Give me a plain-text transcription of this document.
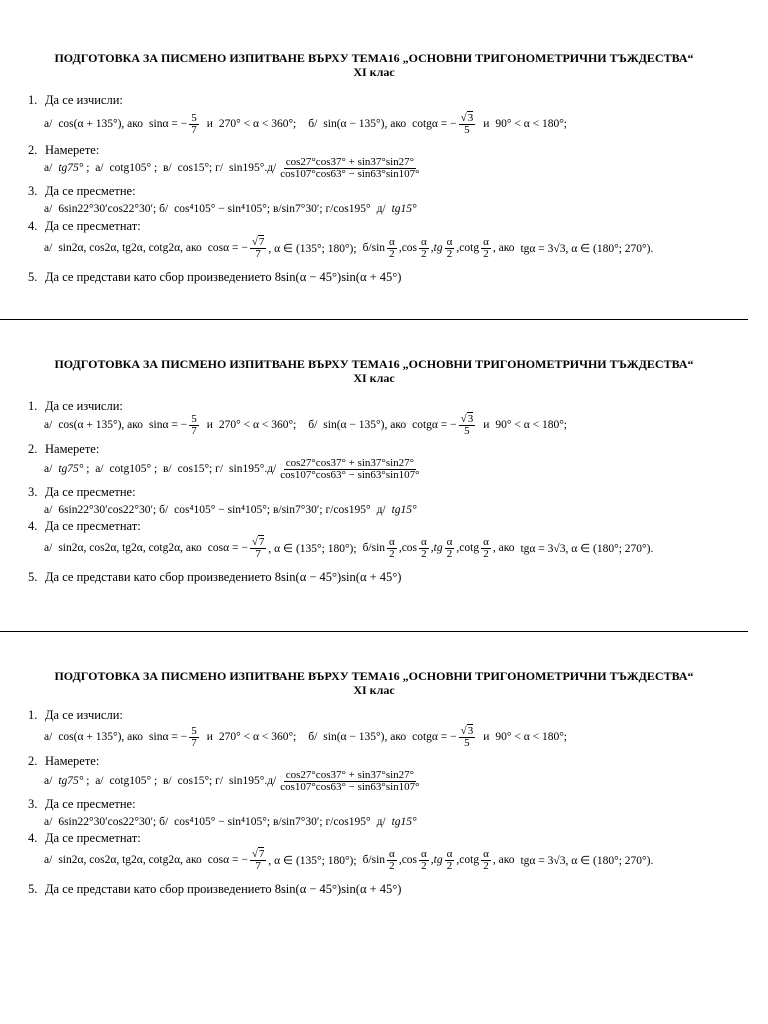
ПОДГОТОВКА ЗА ПИСМЕНО ИЗПИТВАНЕ ВЪРХУ ТЕМА16 „ОСНОВНИ ТРИГОНОМЕТРИЧНИ ТЪЖДЕСТВА“
XI клас
1. Да се изчисли:
а/ cos(α + 135°) , ако sinα = − $\frac{5}{7}$ и 270° < α < 360°; б/ sin(α − 135°) , ако cotgα = − $\frac{√3}{5}$ и 90° < α < 180°;
2. Намерете:
а/ tg75° ; а/ cotg105° ; в/ cos15° ; г/ sin195°. $д/ \frac{\cos 27^\circ\cos 37^\circ + \sin 37^\circ\sin 27^\circ}{\cos 107^\circ\cos 63^\circ - \sin 63^\circ\sin 107^\circ}$
3. Да се пресметне:
а/ 6sin22°30′cos22°30′ ; б/ cos⁴105° − sin⁴105° ; в/ sin7°30′ ; г/ cos195° д/ tg15°
4. Да се пресметнат:
а/ sin2α, cos2α, tg2α, cotg2α , ако cosα = − $\frac{√7}{7}$ , α ∈ (135°; 180°); б/ $\sin \frac{\alpha}{2}$ , $\cos \frac{\alpha}{2}$ , tg $\frac{\alpha}{2}$ , cotg $\frac{\alpha}{2}$ , ако tgα = 3√3, α ∈ (180°; 270°).
5. Да се представи като сбор произведението 8sin(α − 45°)sin(α + 45°)
ПОДГОТОВКА ЗА ПИСМЕНО ИЗПИТВАНЕ ВЪРХУ ТЕМА16 „ОСНОВНИ ТРИГОНОМЕТРИЧНИ ТЪЖДЕСТВА“
XI клас
1. Да се изчисли:
а/ cos(α + 135°) , ако sinα = − $\frac{5}{7}$ и 270° < α < 360°; б/ sin(α − 135°) , ако cotgα = − $\frac{√3}{5}$ и 90° < α < 180°;
2. Намерете:
а/ tg75° ; а/ cotg105° ; в/ cos15° ; г/ sin195°. $д/ \frac{\cos 27^\circ\cos 37^\circ + \sin 37^\circ\sin 27^\circ}{\cos 107^\circ\cos 63^\circ - \sin 63^\circ\sin 107^\circ}$
3. Да се пресметне:
а/ 6sin22°30′cos22°30′ ; б/ cos⁴105° − sin⁴105° ; в/ sin7°30′ ; г/ cos195° д/ tg15°
4. Да се пресметнат:
а/ sin2α, cos2α, tg2α, cotg2α , ако cosα = − $\frac{√7}{7}$ , α ∈ (135°; 180°); б/ $\sin \frac{\alpha}{2}$ , $\cos \frac{\alpha}{2}$ , tg $\frac{\alpha}{2}$ , cotg $\frac{\alpha}{2}$ , ако tgα = 3√3, α ∈ (180°; 270°).
5. Да се представи като сбор произведението 8sin(α − 45°)sin(α + 45°)
ПОДГОТОВКА ЗА ПИСМЕНО ИЗПИТВАНЕ ВЪРХУ ТЕМА16 „ОСНОВНИ ТРИГОНОМЕТРИЧНИ ТЪЖДЕСТВА“
XI клас
1. Да се изчисли:
а/ cos(α + 135°) , ако sinα = − $\frac{5}{7}$ и 270° < α < 360°; б/ sin(α − 135°) , ако cotgα = − $\frac{√3}{5}$ и 90° < α < 180°;
2. Намерете:
а/ tg75° ; а/ cotg105° ; в/ cos15° ; г/ sin195°. $д/ \frac{\cos 27^\circ\cos 37^\circ + \sin 37^\circ\sin 27^\circ}{\cos 107^\circ\cos 63^\circ - \sin 63^\circ\sin 107^\circ}$
3. Да се пресметне:
а/ 6sin22°30′cos22°30′ ; б/ cos⁴105° − sin⁴105° ; в/ sin7°30′ ; г/ cos195° д/ tg15°
4. Да се пресметнат:
а/ sin2α, cos2α, tg2α, cotg2α , ако cosα = − $\frac{√7}{7}$ , α ∈ (135°; 180°); б/ $\sin \frac{\alpha}{2}$ , $\cos \frac{\alpha}{2}$ , tg $\frac{\alpha}{2}$ , cotg $\frac{\alpha}{2}$ , ако tgα = 3√3, α ∈ (180°; 270°).
5. Да се представи като сбор произведението 8sin(α − 45°)sin(α + 45°)
